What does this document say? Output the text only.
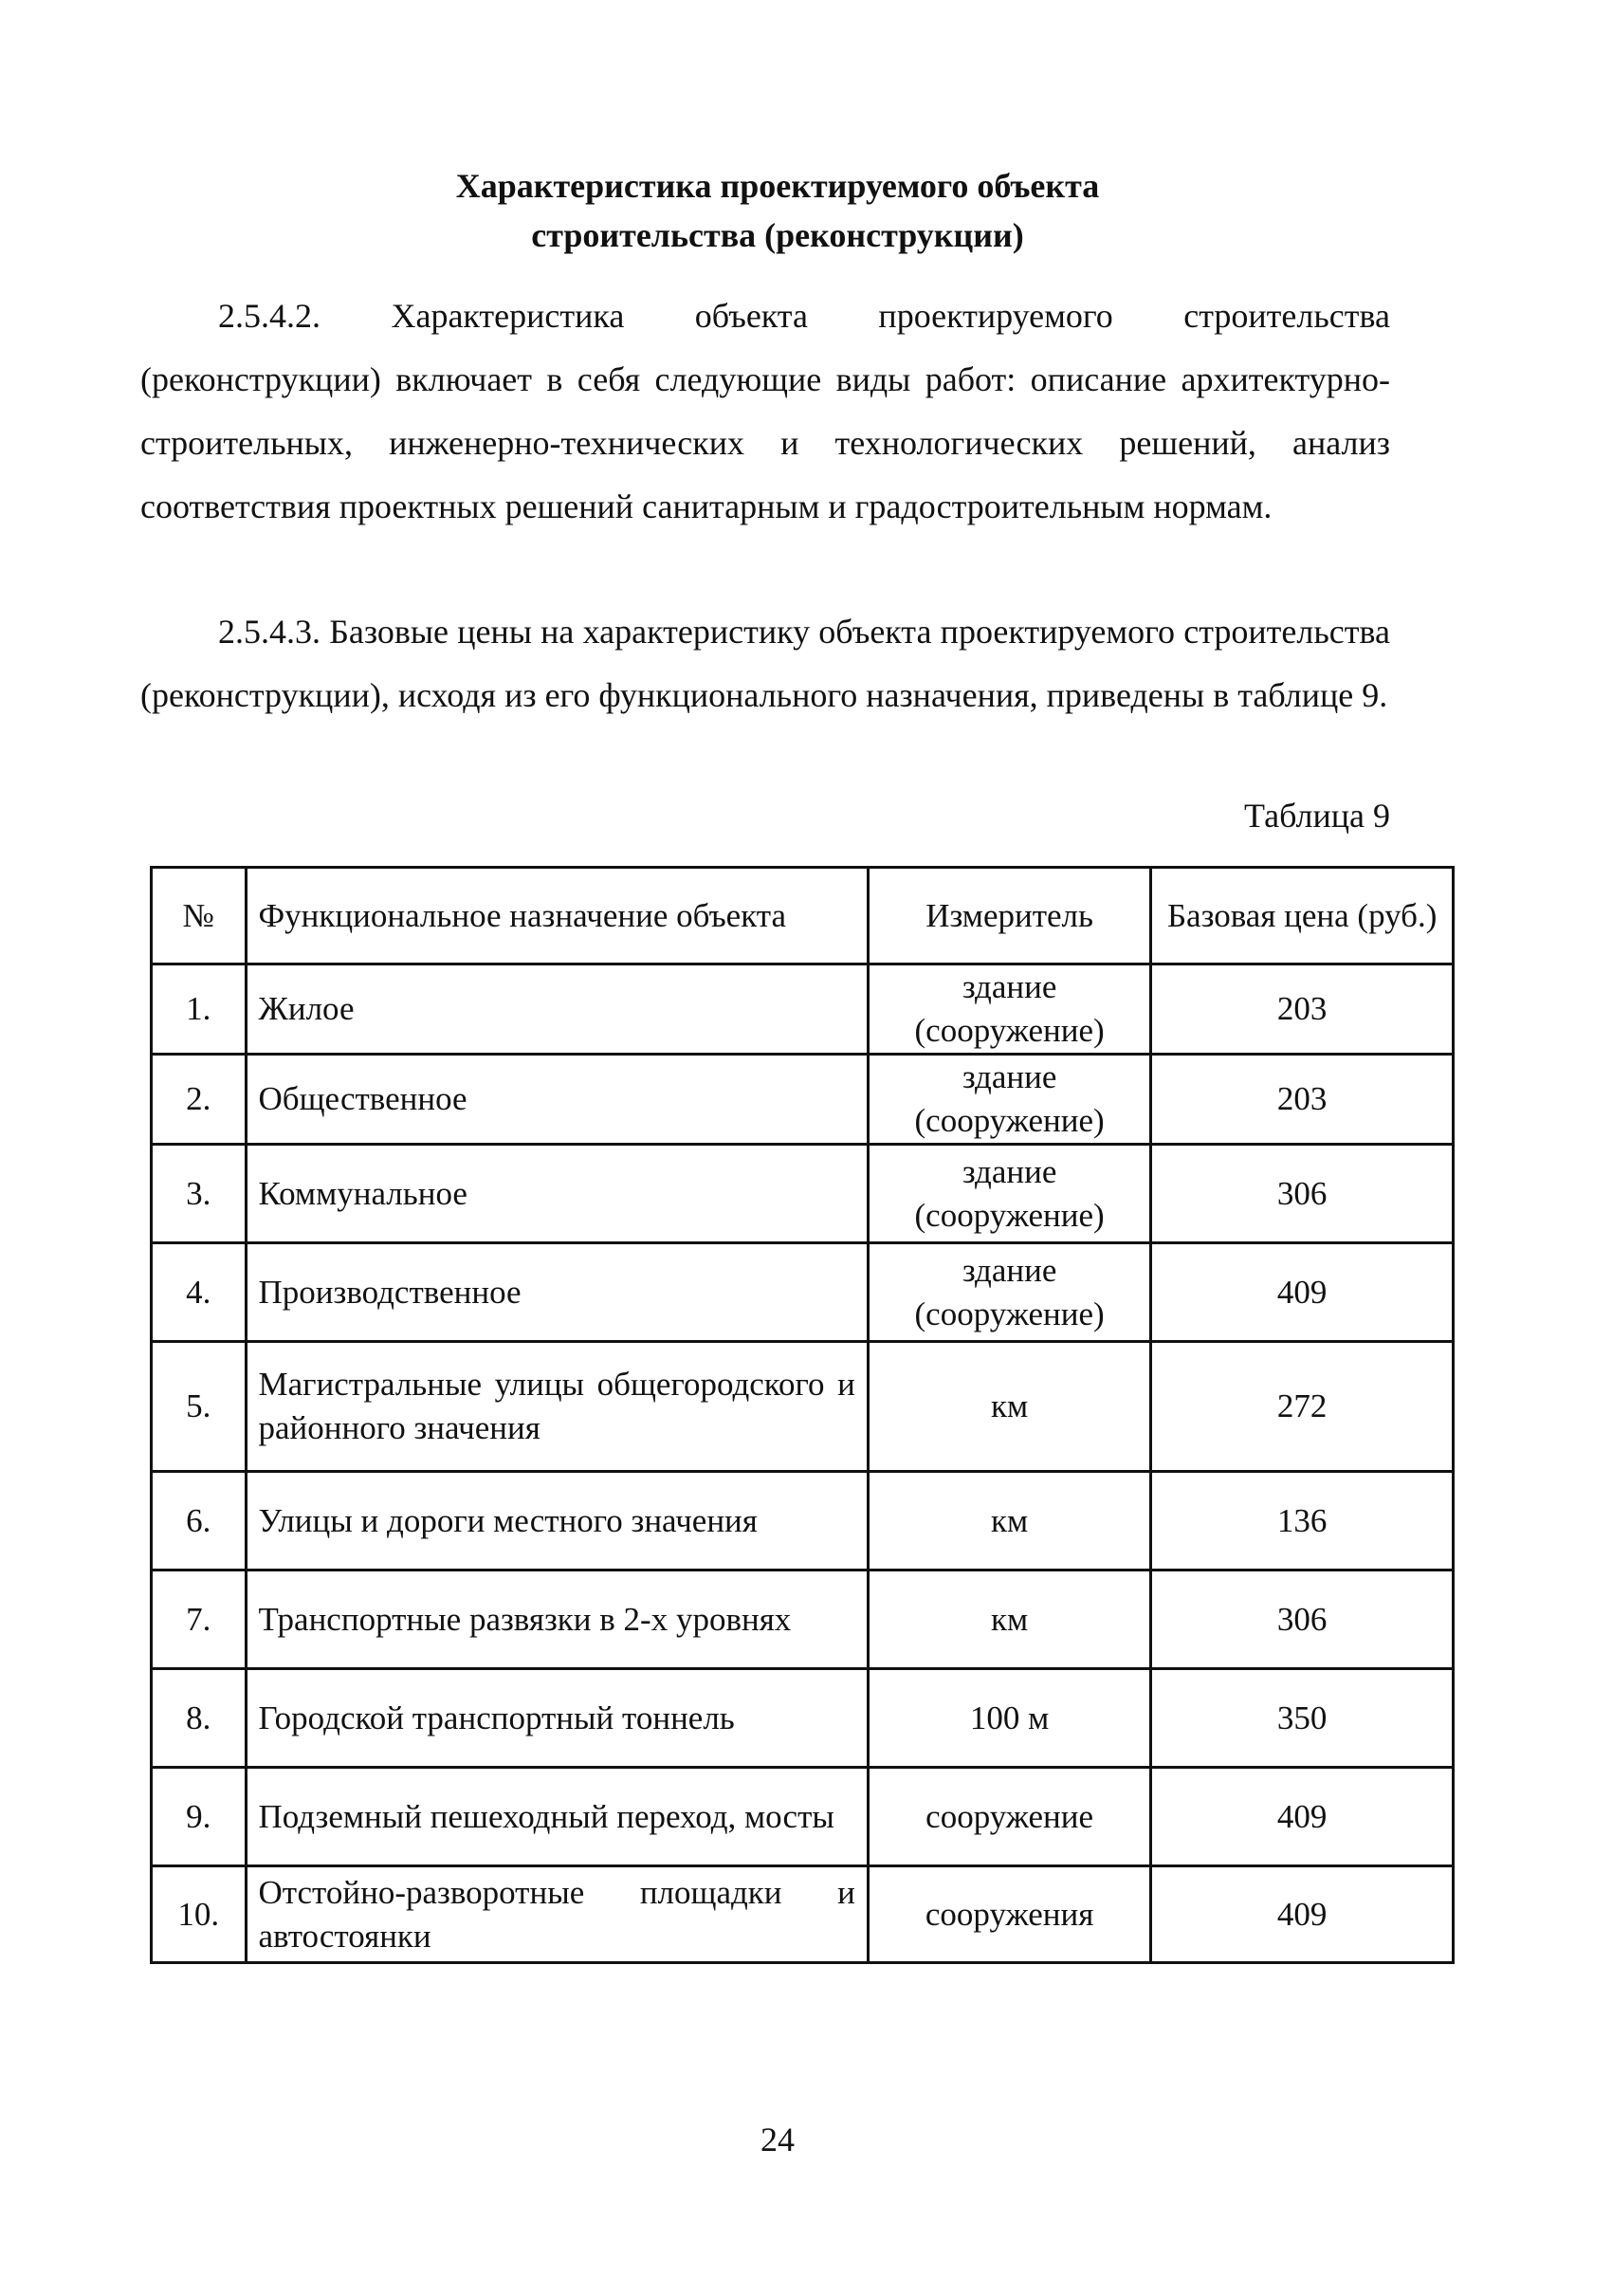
Характеристика проектируемого объекта
строительства (реконструкции)

2.5.4.2. Характеристика объекта проектируемого строительства (реконструкции) включает в себя следующие виды работ: описание архитектурно-строительных, инженерно-технических и технологических решений, анализ соответствия проектных решений санитарным и градостроительным нормам.

2.5.4.3. Базовые цены на характеристику объекта проектируемого строительства (реконструкции), исходя из его функционального назначения, приведены в таблице 9.

Таблица 9
№	Функциональное назначение объекта	Измеритель	Базовая цена (руб.)
1.	Жилое	здание (сооружение)	203
2.	Общественное	здание (сооружение)	203
3.	Коммунальное	здание (сооружение)	306
4.	Производственное	здание (сооружение)	409
5.	Магистральные улицы общегородского и районного значения	км	272
6.	Улицы и дороги местного значения	км	136
7.	Транспортные развязки в 2-х уровнях	км	306
8.	Городской транспортный тоннель	100 м	350
9.	Подземный пешеходный переход, мосты	сооружение	409
10.	Отстойно-разворотные площадки и автостоянки	сооружения	409
24
